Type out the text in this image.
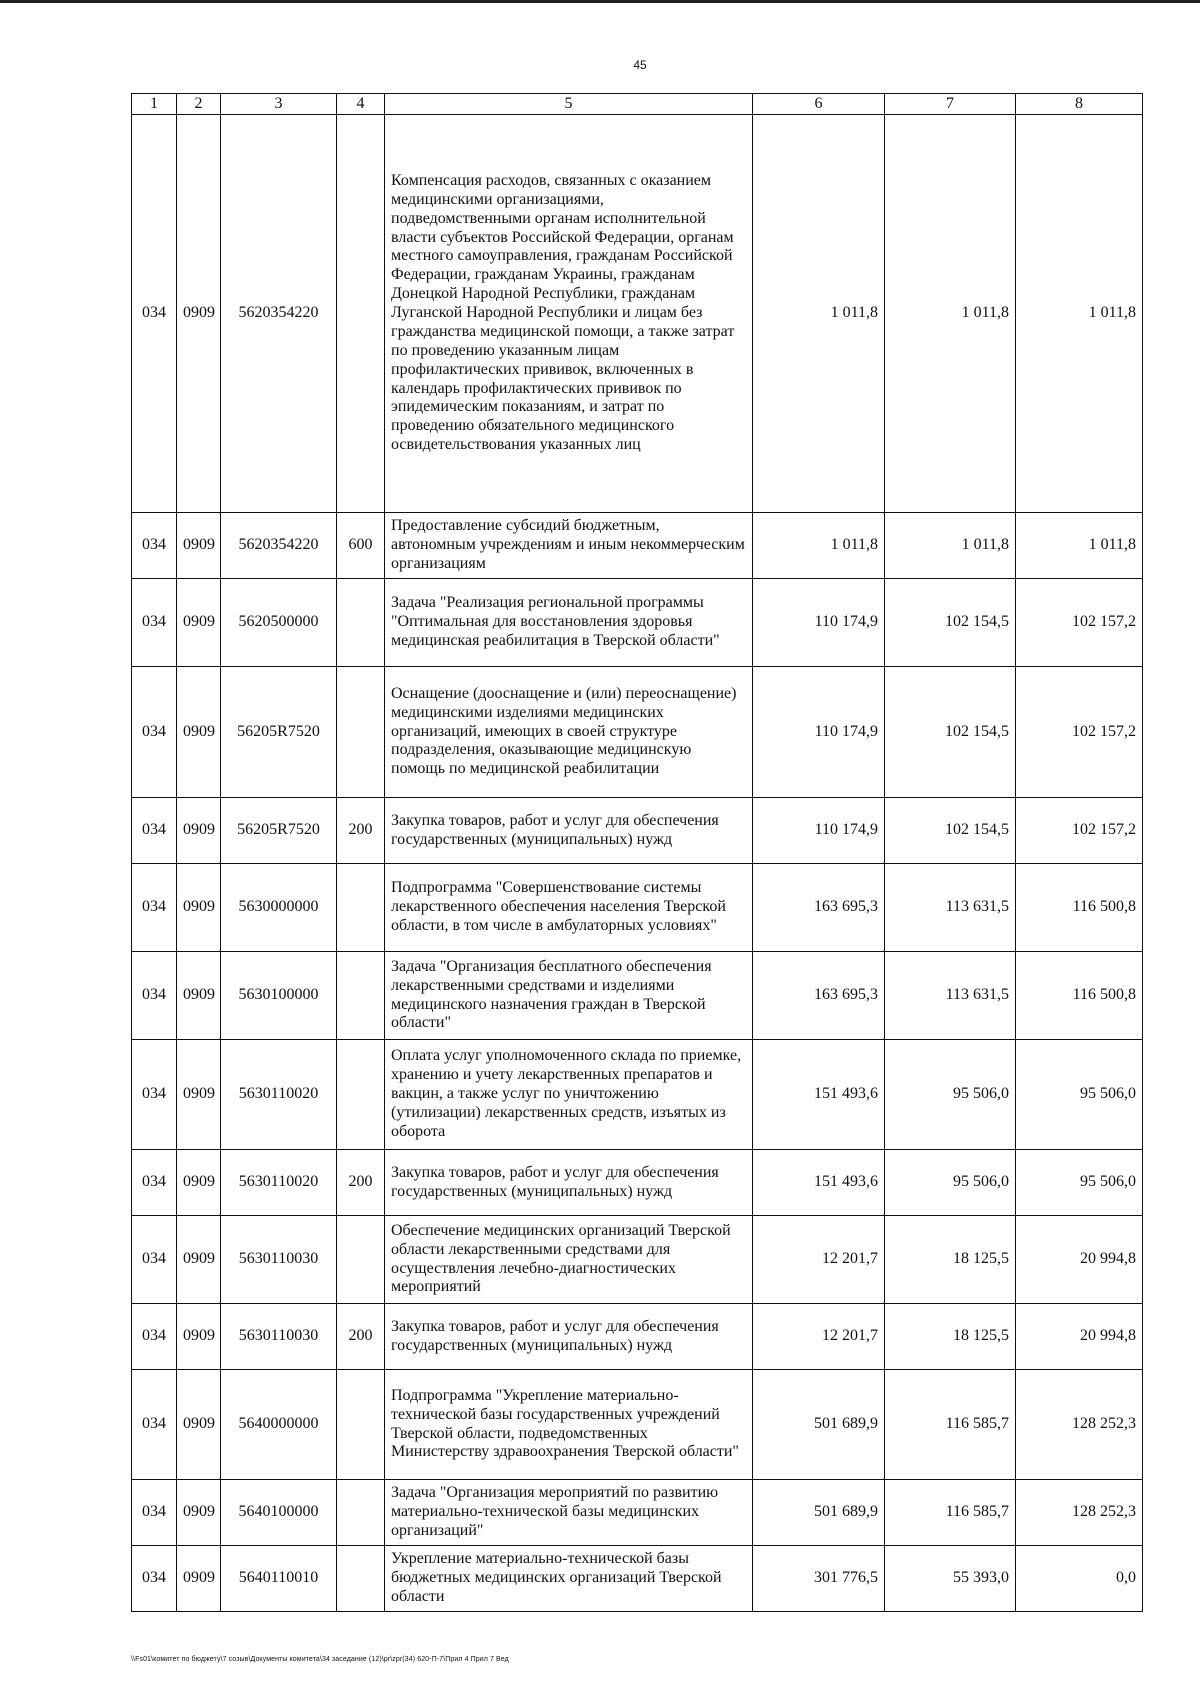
45
1	2	3	4	5	6	7	8
034	0909	5620354220		Компенсация расходов, связанных с оказанием медицинскими организациями, подведомственными органам исполнительной власти субъектов Российской Федерации, органам местного самоуправления, гражданам Российской Федерации, гражданам Украины, гражданам Донецкой Народной Республики, гражданам Луганской Народной Республики и лицам без гражданства медицинской помощи, а также затрат по проведению указанным лицам профилактических прививок, включенных в календарь профилактических прививок по эпидемическим показаниям, и затрат по проведению обязательного медицинского освидетельствования указанных лиц	1 011,8	1 011,8	1 011,8
034	0909	5620354220	600	Предоставление субсидий бюджетным, автономным учреждениям и иным некоммерческим организациям	1 011,8	1 011,8	1 011,8
034	0909	5620500000		Задача "Реализация региональной программы "Оптимальная для восстановления здоровья медицинская реабилитация в Тверской области"	110 174,9	102 154,5	102 157,2
034	0909	56205R7520		Оснащение (дооснащение и (или) переоснащение) медицинскими изделиями медицинских организаций, имеющих в своей структуре подразделения, оказывающие медицинскую помощь по медицинской реабилитации	110 174,9	102 154,5	102 157,2
034	0909	56205R7520	200	Закупка товаров, работ и услуг для обеспечения государственных (муниципальных) нужд	110 174,9	102 154,5	102 157,2
034	0909	5630000000		Подпрограмма "Совершенствование системы лекарственного обеспечения населения Тверской области, в том числе в амбулаторных условиях"	163 695,3	113 631,5	116 500,8
034	0909	5630100000		Задача "Организация бесплатного обеспечения лекарственными средствами и изделиями медицинского назначения граждан в Тверской области"	163 695,3	113 631,5	116 500,8
034	0909	5630110020		Оплата услуг уполномоченного склада по приемке, хранению и учету лекарственных препаратов и вакцин, а также услуг по уничтожению (утилизации) лекарственных средств, изъятых из оборота	151 493,6	95 506,0	95 506,0
034	0909	5630110020	200	Закупка товаров, работ и услуг для обеспечения государственных (муниципальных) нужд	151 493,6	95 506,0	95 506,0
034	0909	5630110030		Обеспечение медицинских организаций Тверской области лекарственными средствами для осуществления лечебно-диагностических мероприятий	12 201,7	18 125,5	20 994,8
034	0909	5630110030	200	Закупка товаров, работ и услуг для обеспечения государственных (муниципальных) нужд	12 201,7	18 125,5	20 994,8
034	0909	5640000000		Подпрограмма "Укрепление материально-технической базы государственных учреждений Тверской области, подведомственных Министерству здравоохранения Тверской области"	501 689,9	116 585,7	128 252,3
034	0909	5640100000		Задача "Организация мероприятий по развитию материально-технической базы медицинских организаций"	501 689,9	116 585,7	128 252,3
034	0909	5640110010		Укрепление материально-технической базы бюджетных медицинских организаций Тверской области	301 776,5	55 393,0	0,0
\\Fs01\комитет по бюджету\7 созыв\Документы комитета\34 заседание (12)\pr\zpr(34) 620-П-7\Прил 4 Прил 7 Вед
